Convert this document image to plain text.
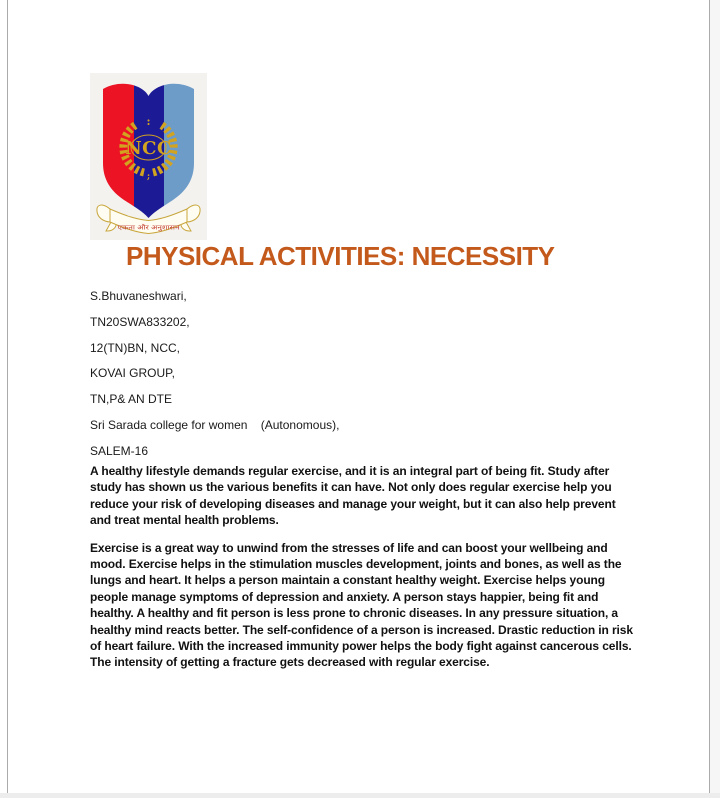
:
;
NCC
एकता और अनुशासन
PHYSICAL ACTIVITIES: NECESSITY
S.Bhuvaneshwari,
TN20SWA833202,
12(TN)BN, NCC,
KOVAI GROUP,
TN,P& AN DTE
Sri Sarada college for women    (Autonomous),
SALEM-16

A healthy lifestyle demands regular exercise, and it is an integral part of being fit. Study after study has shown us the various benefits it can have. Not only does regular exercise help you reduce your risk of developing diseases and manage your weight, but it can also help prevent and treat mental health problems.

Exercise is a great way to unwind from the stresses of life and can boost your wellbeing and mood. Exercise helps in the stimulation muscles development, joints and bones, as well as the lungs and heart. It helps a person maintain a constant healthy weight. Exercise helps young people manage symptoms of depression and anxiety. A person stays happier, being fit and healthy. A healthy and fit person is less prone to chronic diseases. In any pressure situation, a healthy mind reacts better. The self-confidence of a person is increased. Drastic reduction in risk of heart failure. With the increased immunity power helps the body fight against cancerous cells. The intensity of getting a fracture gets decreased with regular exercise.
